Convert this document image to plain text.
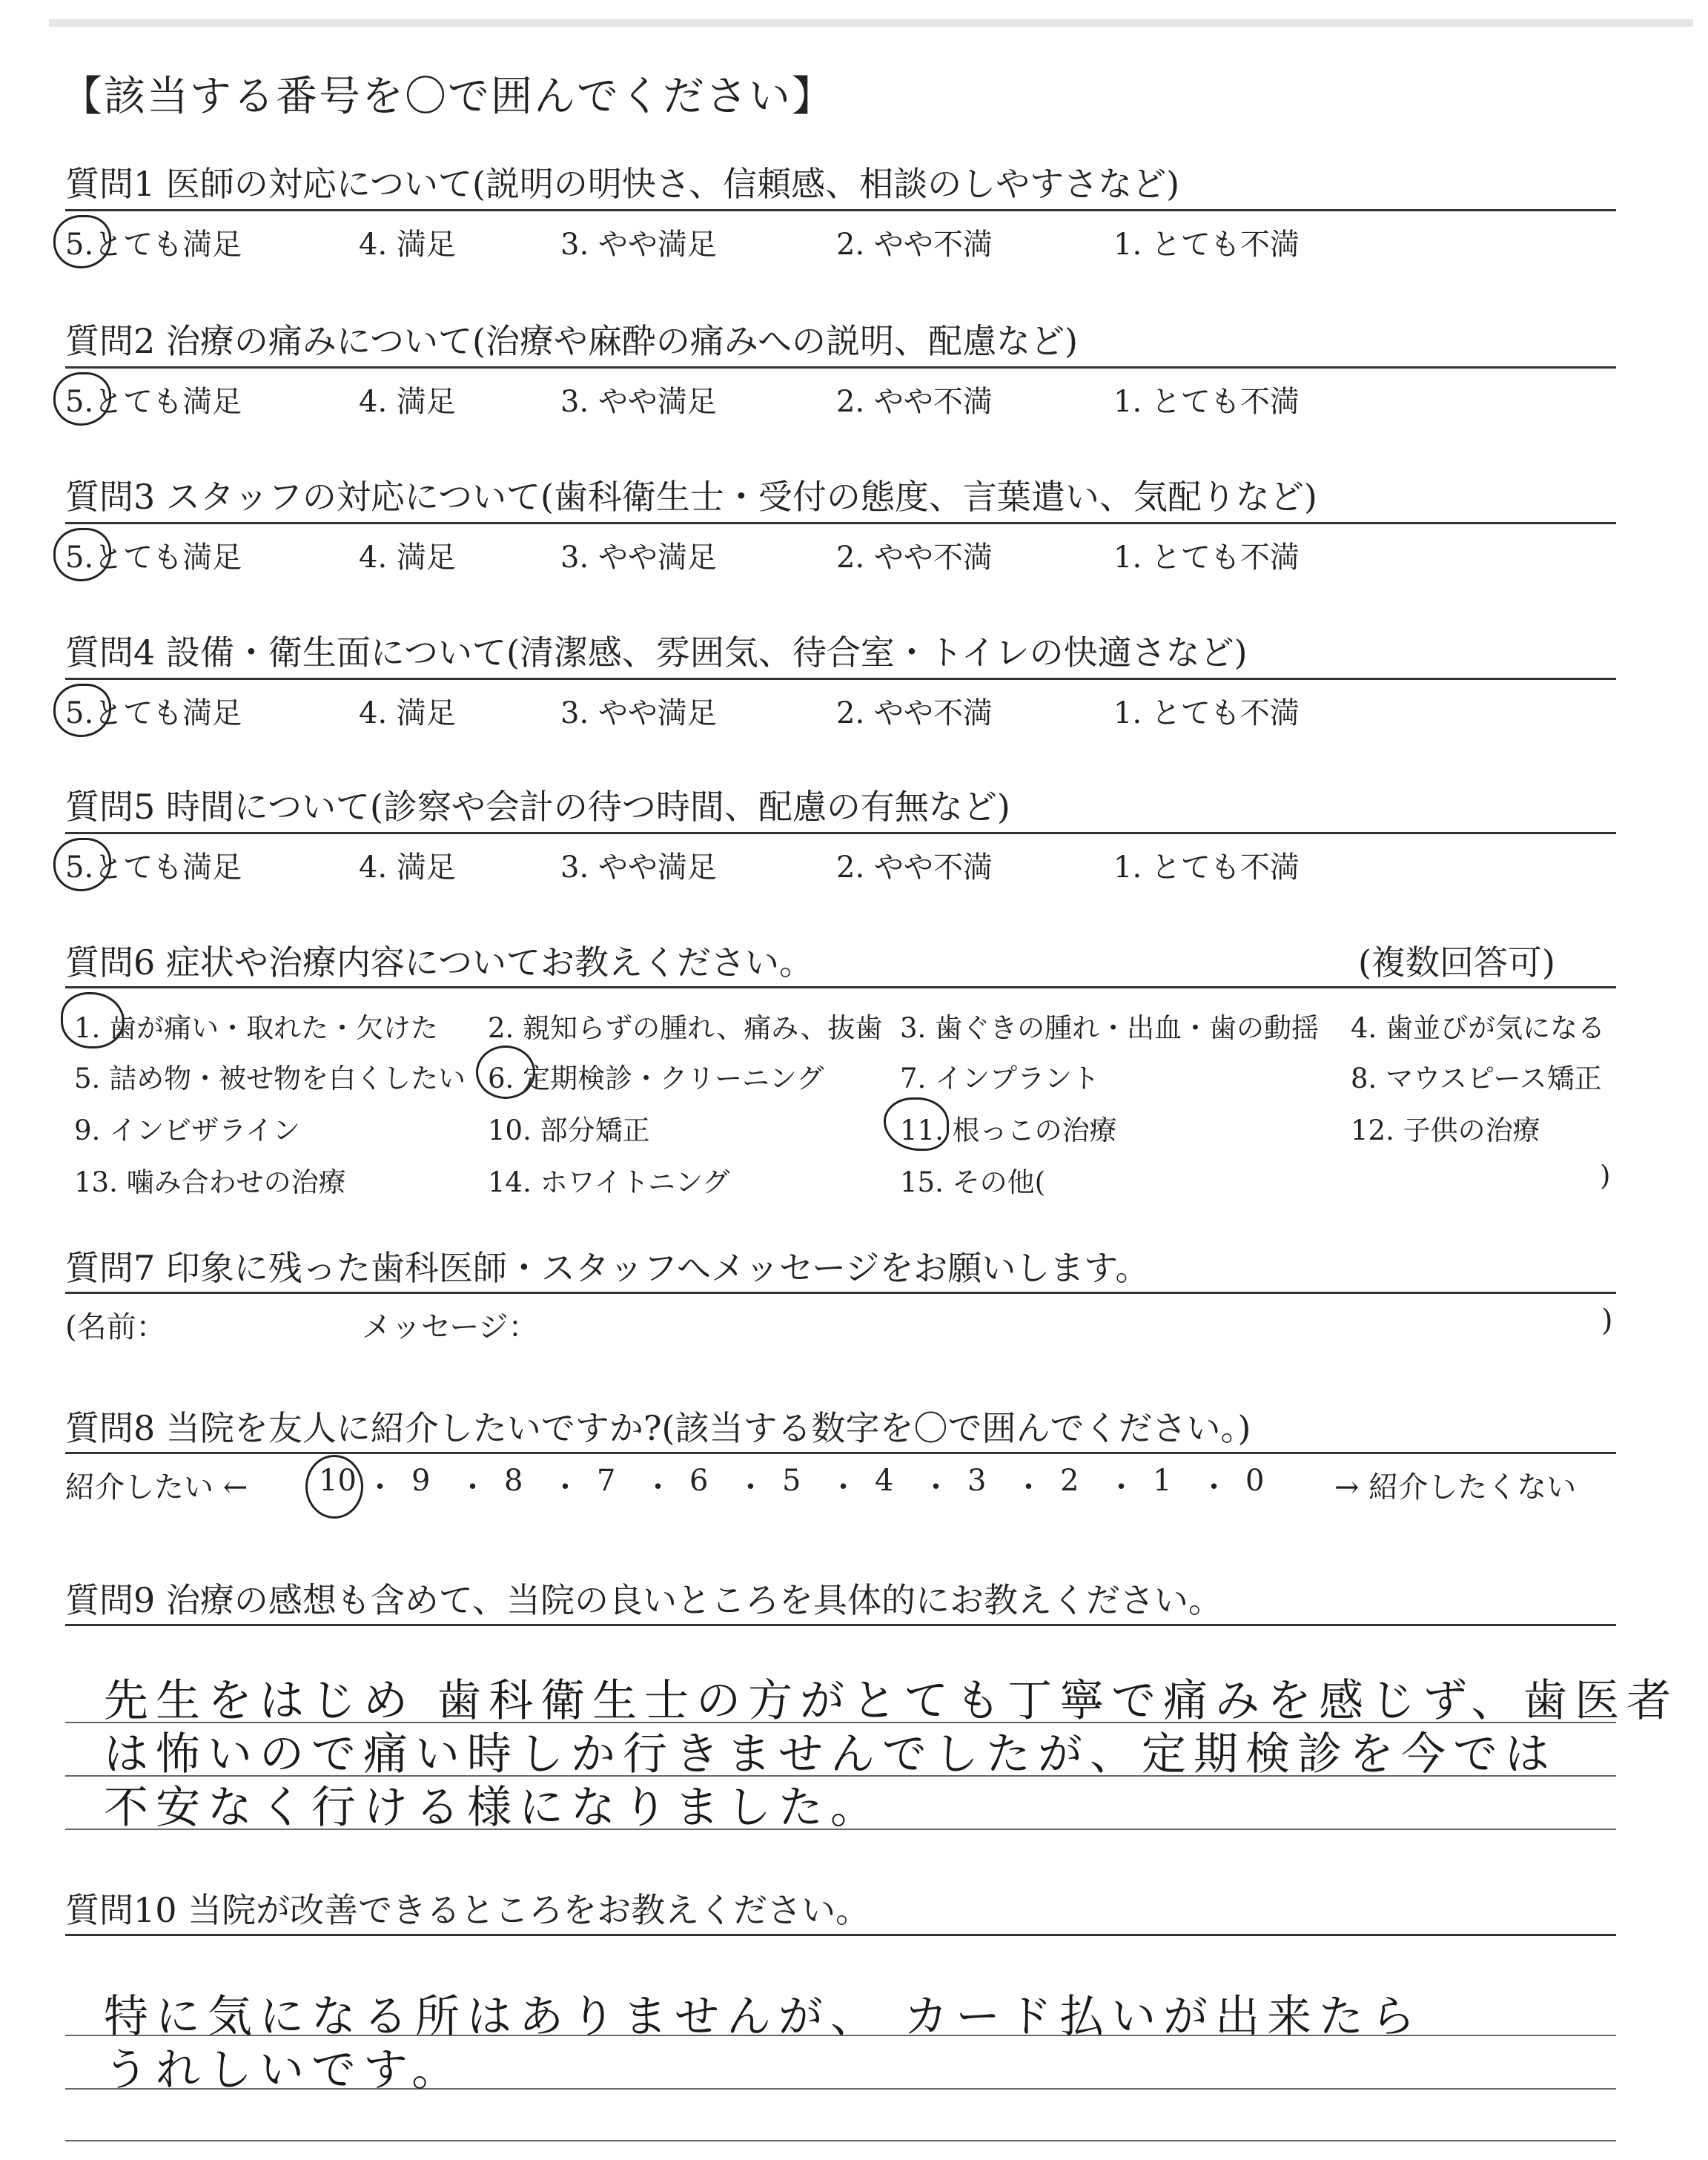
【該当する番号を〇で囲んでください】
質問1 医師の対応について(説明の明快さ、信頼感、相談のしやすさなど)
5.とても満足	4. 満足	3. やや満足	2. やや不満	1. とても不満
質問2 治療の痛みについて(治療や麻酔の痛みへの説明、配慮など)
5.とても満足	4. 満足	3. やや満足	2. やや不満	1. とても不満
質問3 スタッフの対応について(歯科衛生士・受付の態度、言葉遣い、気配りなど)
5.とても満足	4. 満足	3. やや満足	2. やや不満	1. とても不満
質問4 設備・衛生面について(清潔感、雰囲気、待合室・トイレの快適さなど)
5.とても満足	4. 満足	3. やや満足	2. やや不満	1. とても不満
質問5 時間について(診察や会計の待つ時間、配慮の有無など)
5.とても満足	4. 満足	3. やや満足	2. やや不満	1. とても不満
質問6 症状や治療内容についてお教えください。	(複数回答可)
1. 歯が痛い・取れた・欠けた 2. 親知らずの腫れ、痛み、抜歯 3. 歯ぐきの腫れ・出血・歯の動揺 4. 歯並びが気になる
5. 詰め物・被せ物を白くしたい 6. 定期検診・クリーニング	7. インプラント	8. マウスピース矯正
9. インビザライン	10. 部分矯正	11. 根っこの治療	12. 子供の治療
13. 噛み合わせの治療	14. ホワイトニング	15. その他(	)
質問7 印象に残った歯科医師・スタッフへメッセージをお願いします。
(名前：	メッセージ：	)
質問8 当院を友人に紹介したいですか?(該当する数字を〇で囲んでください。)
紹介したい ← 10 ・ 9 ・ 8 ・ 7 ・ 6 ・ 5 ・ 4 ・ 3 ・ 2 ・ 1 ・ 0 → 紹介したくない
質問9 治療の感想も含めて、当院の良いところを具体的にお教えください。
先生をはじめ 歯科衛生士の方がとても丁寧で痛みを感じず、歯医者
は怖いので痛い時しか行きませんでしたが、定期検診を今では
不安なく行ける様になりました。
質問10 当院が改善できるところをお教えください。
特に気になる所はありませんが、 カード払いが出来たら
うれしいです。
